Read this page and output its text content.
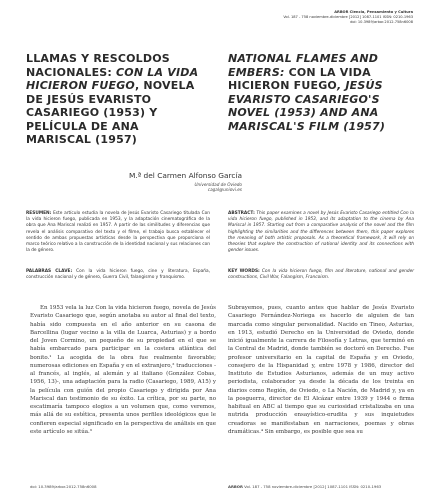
ARBOR Ciencia, Pensamiento y Cultura
Vol. 187 - 758 noviembre-diciembre [2012] 1087-1101 ISSN: 0210-1963
doi: 10.3989/arbor.2012.758n6008
LLAMAS Y RESCOLDOS NACIONALES: CON LA VIDA HICIERON FUEGO, NOVELA DE JESÚS EVARISTO CASARIEGO (1953) Y PELÍCULA DE ANA MARISCAL (1957)
NATIONAL FLAMES AND EMBERS: CON LA VIDA HICIERON FUEGO, JESÚS EVARISTO CASARIEGO'S NOVEL (1953) AND ANA MARISCAL'S FILM (1957)
M.ª del Carmen Alfonso García
Universidad de Oviedo
cagal@uniovi.es
RESUMEN: Este artículo estudia la novela de Jesús Evaristo Casariego titulada Con la vida hicieron fuego, publicada en 1953, y la adaptación cinematográfica de la obra que Ana Mariscal realizó en 1957. A partir de las similitudes y diferencias que revela el análisis comparativo del texto y el filme, el trabajo busca establecer el sentido de ambas propuestas artísticas desde la perspectiva que proporciona el marco teórico relativo a la construcción de la identidad nacional y sus relaciones con la de género.
ABSTRACT: This paper examines a novel by Jesús Evaristo Casariego entitled Con la vida hicieron fuego, published in 1953, and its adaptation to the cinema by Ana Mariscal in 1957. Starting out from a comparative analysis of the novel and the film highlighting the similarities and the differences between them, this paper explores the meaning of both artistic proposals. As a theoretical framework, it will rely on theories that explore the construction of national identity and its connections with gender issues.
PALABRAS CLAVE: Con la vida hicieron fuego, cine y literatura, España, construcción nacional y de género, Guerra Civil, falangismo y franquismo.
KEY WORDS: Con la vida hicieron fuego, film and literature, national and gender constructions, Civil War, Falangism, Francoism.

En 1953 vela la luz Con la vida hicieron fuego, novela de Jesús Evaristo Casariego que, según anotaba su autor al final del texto, había sido compuesta en el año anterior en su casona de Barcellina (lugar vecino a la villa de Luarca, Asturias) y a bordo del Joven Cormino, un pequeño de su propiedad en el que se había embarcado para participar en la costera atlántica del bonito.¹ La acogida de la obra fue realmente favorable; numerosas ediciones en España y en el extranjero,² traducciones -al francés, al inglés, al alemán y al italiano (González Cobas, 1956, 13)-, una adaptación para la radio (Casariego, 1989, A15) y la película con guión del propio Casariego y dirigida por Ana Mariscal dan testimonio de su éxito. La crítica, por su parte, no escatimaría tampoco elogios a un volumen que, como veremos, más allá de su estética, presenta unos perfiles ideológicos que le confieren especial significado en la perspectiva de análisis en que este artículo se sitúa.³

Subrayemos, pues, cuanto antes que hablar de Jesús Evaristo Casariego Fernández-Noriega es hacerlo de alguien de tan marcada como singular personalidad. Nacido en Tineo, Asturias, en 1913, estudió Derecho en la Universidad de Oviedo, donde inició igualmente la carrera de Filosofía y Letras, que terminó en la Central de Madrid, donde también se doctoró en Derecho. Fue profesor universitario en la capital de España y en Oviedo, consejero de la Hispanidad y, entre 1978 y 1986, director del Instituto de Estudios Asturianos, además de un muy activo periodista, colaborador ya desde la década de los treinta en diarios como Región, de Oviedo, o La Nación, de Madrid y, ya en la posguerra, director de El Alcázar entre 1939 y 1944 o firma habitual en ABC al tiempo que su curiosidad cristalizaba en una nutrida producción ensayístico-erudita y sus inquietudes creadoras se manifestaban en narraciones, poemas y obras dramáticas.⁴ Sin embargo, es posible que sea su

doi: 10.3989/arbor.2012.758n6008	ARBOR Vol. 187 - 758 noviembre-diciembre [2012] 1087-1101 ISSN: 0210-1963
